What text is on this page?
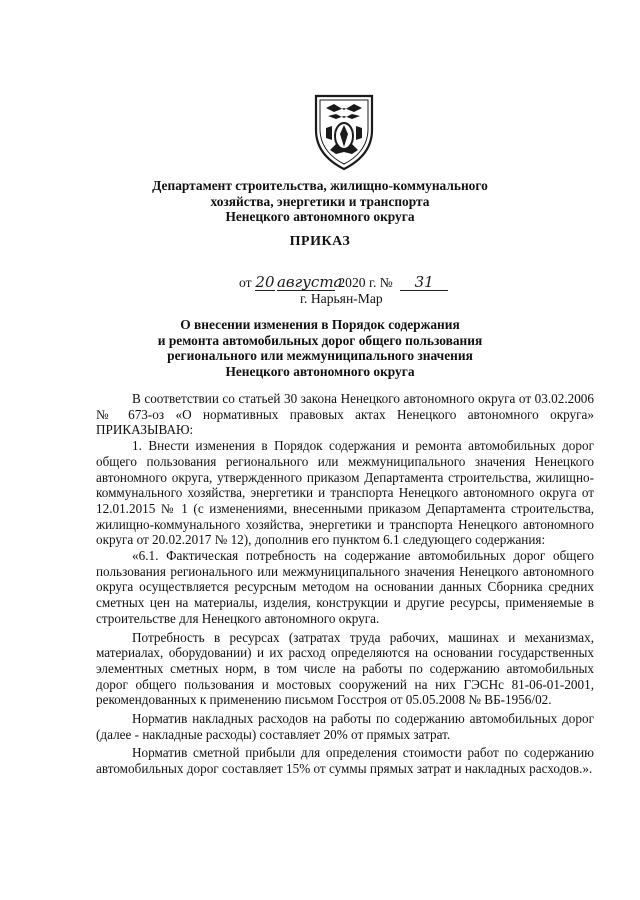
Департамент строительства, жилищно-коммунального
хозяйства, энергетики и транспорта
Ненецкого автономного округа
ПРИКАЗ
от 20 августа 2020 г. № 31
г. Нарьян-Мар
О внесении изменения в Порядок содержания
и ремонта автомобильных дорог общего пользования
регионального или межмуниципального значения
Ненецкого автономного округа

В соответствии со статьей 30 закона Ненецкого автономного округа от 03.02.2006 № 673-оз «О нормативных правовых актах Ненецкого автономного округа» ПРИКАЗЫВАЮ:

1. Внести изменения в Порядок содержания и ремонта автомобильных дорог общего пользования регионального или межмуниципального значения Ненецкого автономного округа, утвержденного приказом Департамента строительства, жилищно-коммунального хозяйства, энергетики и транспорта Ненецкого автономного округа от 12.01.2015 № 1 (с изменениями, внесенными приказом Департамента строительства, жилищно-коммунального хозяйства, энергетики и транспорта Ненецкого автономного округа от 20.02.2017 № 12), дополнив его пунктом 6.1 следующего содержания:

«6.1. Фактическая потребность на содержание автомобильных дорог общего пользования регионального или межмуниципального значения Ненецкого автономного округа осуществляется ресурсным методом на основании данных Сборника средних сметных цен на материалы, изделия, конструкции и другие ресурсы, применяемые в строительстве для Ненецкого автономного округа.

Потребность в ресурсах (затратах труда рабочих, машинах и механизмах, материалах, оборудовании) и их расход определяются на основании государственных элементных сметных норм, в том числе на работы по содержанию автомобильных дорог общего пользования и мостовых сооружений на них ГЭСНс 81-06-01-2001, рекомендованных к применению письмом Госстроя от 05.05.2008 № ВБ-1956/02.

Норматив накладных расходов на работы по содержанию автомобильных дорог (далее - накладные расходы) составляет 20% от прямых затрат.

Норматив сметной прибыли для определения стоимости работ по содержанию автомобильных дорог составляет 15% от суммы прямых затрат и накладных расходов.».
